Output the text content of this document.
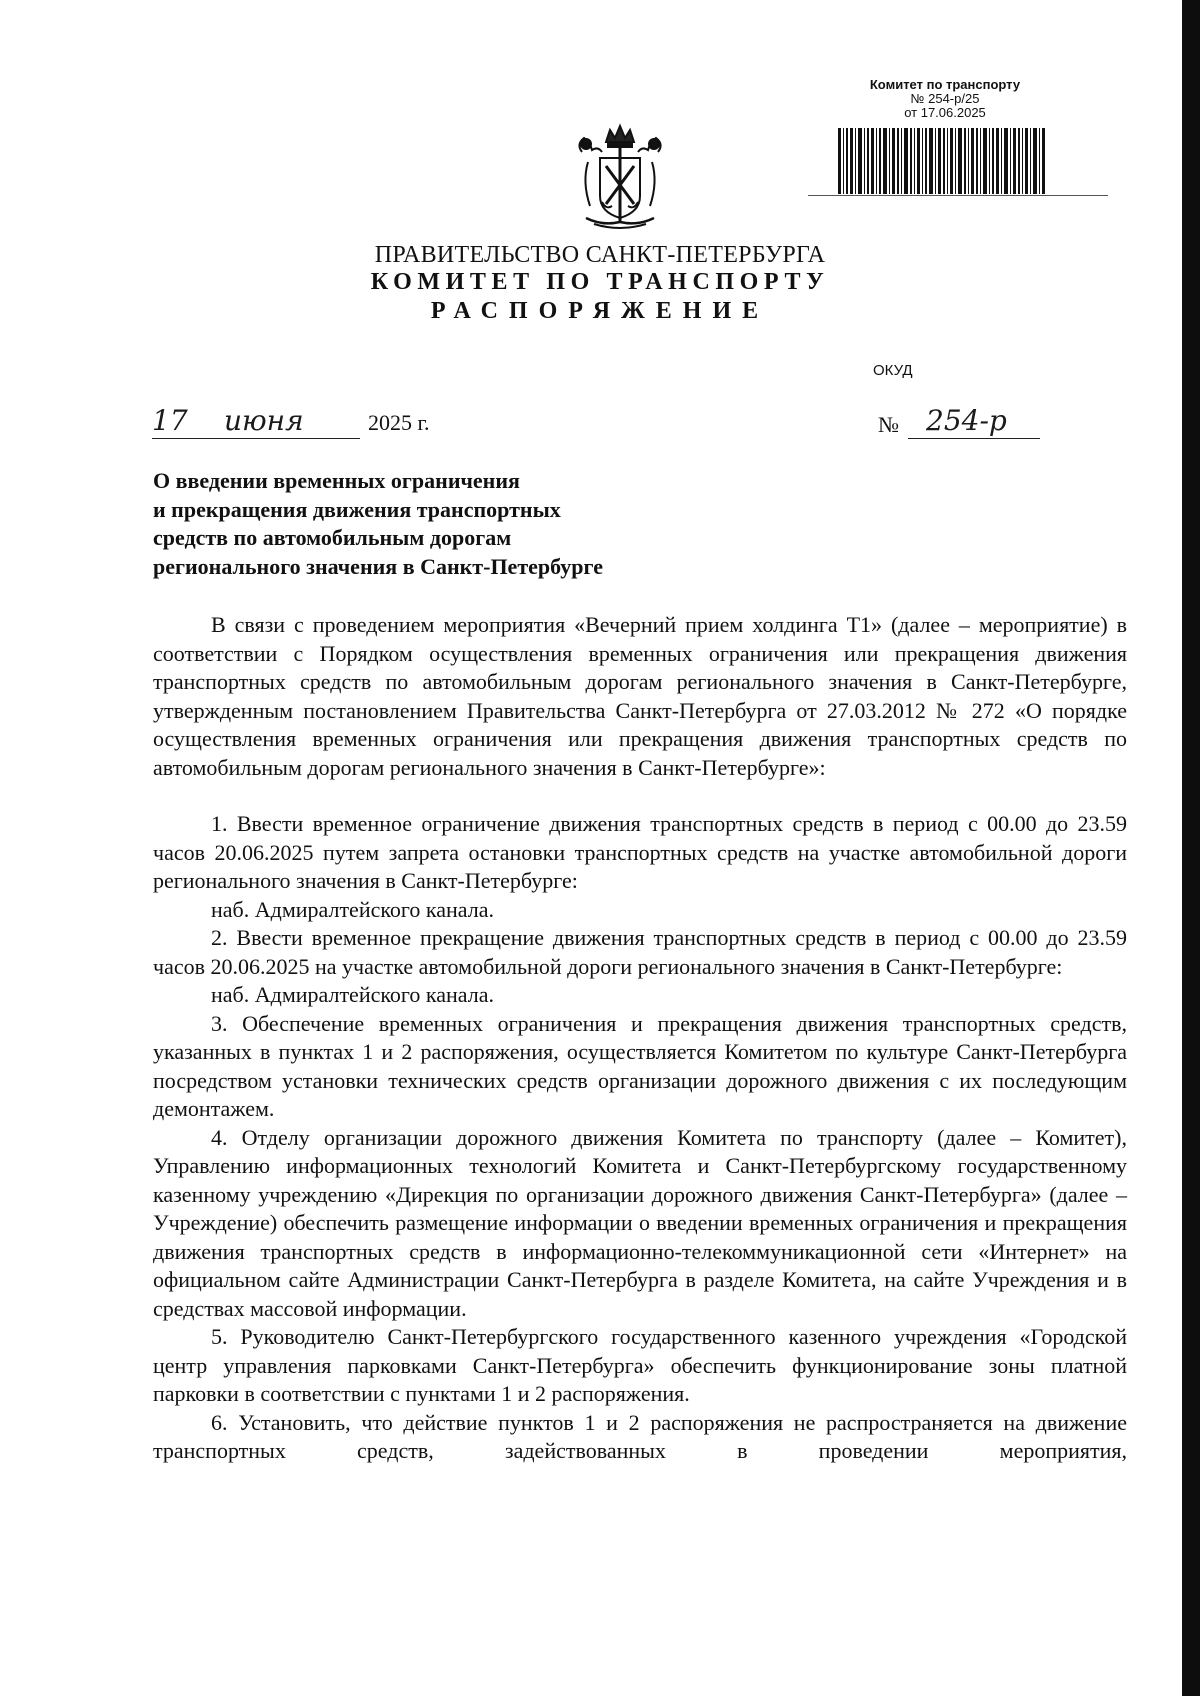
Комитет по транспорту
№ 254-р/25
от 17.06.2025
ПРАВИТЕЛЬСТВО САНКТ-ПЕТЕРБУРГА
КОМИТЕТ ПО ТРАНСПОРТУ
РАСПОРЯЖЕНИЕ
ОКУД
17 июня	2025 г.	№ 254-р
О введении временных ограничения
и прекращения движения транспортных
средств по автомобильным дорогам
регионального значения в Санкт-Петербурге

В связи с проведением мероприятия «Вечерний прием холдинга Т1» (далее – мероприятие) в соответствии с Порядком осуществления временных ограничения или прекращения движения транспортных средств по автомобильным дорогам регионального значения в Санкт-Петербурге, утвержденным постановлением Правительства Санкт-Петербурга от 27.03.2012 № 272 «О порядке осуществления временных ограничения или прекращения движения транспортных средств по автомобильным дорогам регионального значения в Санкт-Петербурге»:

1. Ввести временное ограничение движения транспортных средств в период с 00.00 до 23.59 часов 20.06.2025 путем запрета остановки транспортных средств на участке автомобильной дороги регионального значения в Санкт-Петербурге:

наб. Адмиралтейского канала.

2. Ввести временное прекращение движения транспортных средств в период с 00.00 до 23.59 часов 20.06.2025 на участке автомобильной дороги регионального значения в Санкт-Петербурге:

наб. Адмиралтейского канала.

3. Обеспечение временных ограничения и прекращения движения транспортных средств, указанных в пунктах 1 и 2 распоряжения, осуществляется Комитетом по культуре Санкт-Петербурга посредством установки технических средств организации дорожного движения с их последующим демонтажем.

4. Отделу организации дорожного движения Комитета по транспорту (далее – Комитет), Управлению информационных технологий Комитета и Санкт-Петербургскому государственному казенному учреждению «Дирекция по организации дорожного движения Санкт-Петербурга» (далее – Учреждение) обеспечить размещение информации о введении временных ограничения и прекращения движения транспортных средств в информационно-телекоммуникационной сети «Интернет» на официальном сайте Администрации Санкт-Петербурга в разделе Комитета, на сайте Учреждения и в средствах массовой информации.

5. Руководителю Санкт-Петербургского государственного казенного учреждения «Городской центр управления парковками Санкт-Петербурга» обеспечить функционирование зоны платной парковки в соответствии с пунктами 1 и 2 распоряжения.

6. Установить, что действие пунктов 1 и 2 распоряжения не распространяется на движение транспортных средств, задействованных в проведении мероприятия,
